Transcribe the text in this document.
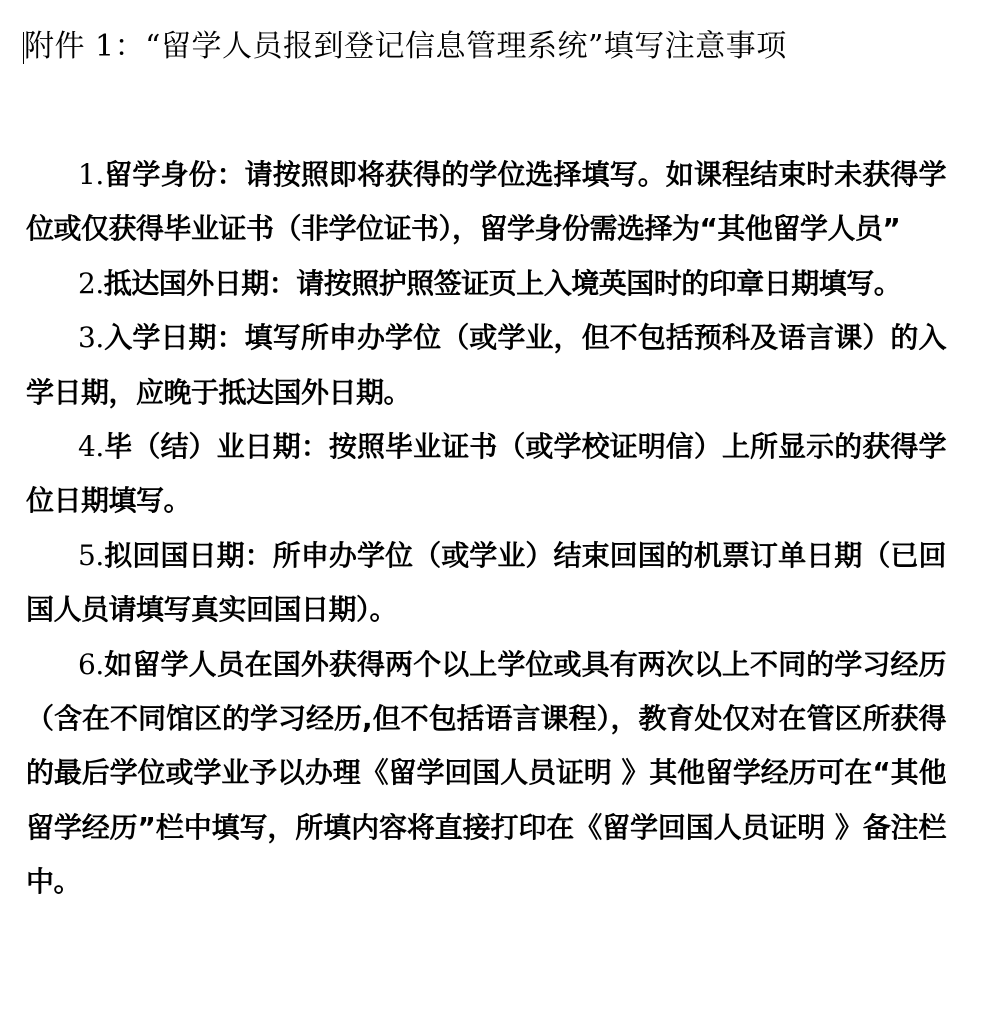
附件 1：“留学人员报到登记信息管理系统”填写注意事项

1.留学身份：请按照即将获得的学位选择填写。如课程结束时未获得学位或仅获得毕业证书（非学位证书），留学身份需选择为“其他留学人员”

2.抵达国外日期：请按照护照签证页上入境英国时的印章日期填写。

3.入学日期：填写所申办学位（或学业，但不包括预科及语言课）的入学日期，应晚于抵达国外日期。

4.毕（结）业日期：按照毕业证书（或学校证明信）上所显示的获得学位日期填写。

5.拟回国日期：所申办学位（或学业）结束回国的机票订单日期（已回国人员请填写真实回国日期）。

6.如留学人员在国外获得两个以上学位或具有两次以上不同的学习经历（含在不同馆区的学习经历,但不包括语言课程），教育处仅对在管区所获得的最后学位或学业予以办理《留学回国人员证明 》其他留学经历可在“其他留学经历”栏中填写，所填内容将直接打印在《留学回国人员证明 》备注栏中。
